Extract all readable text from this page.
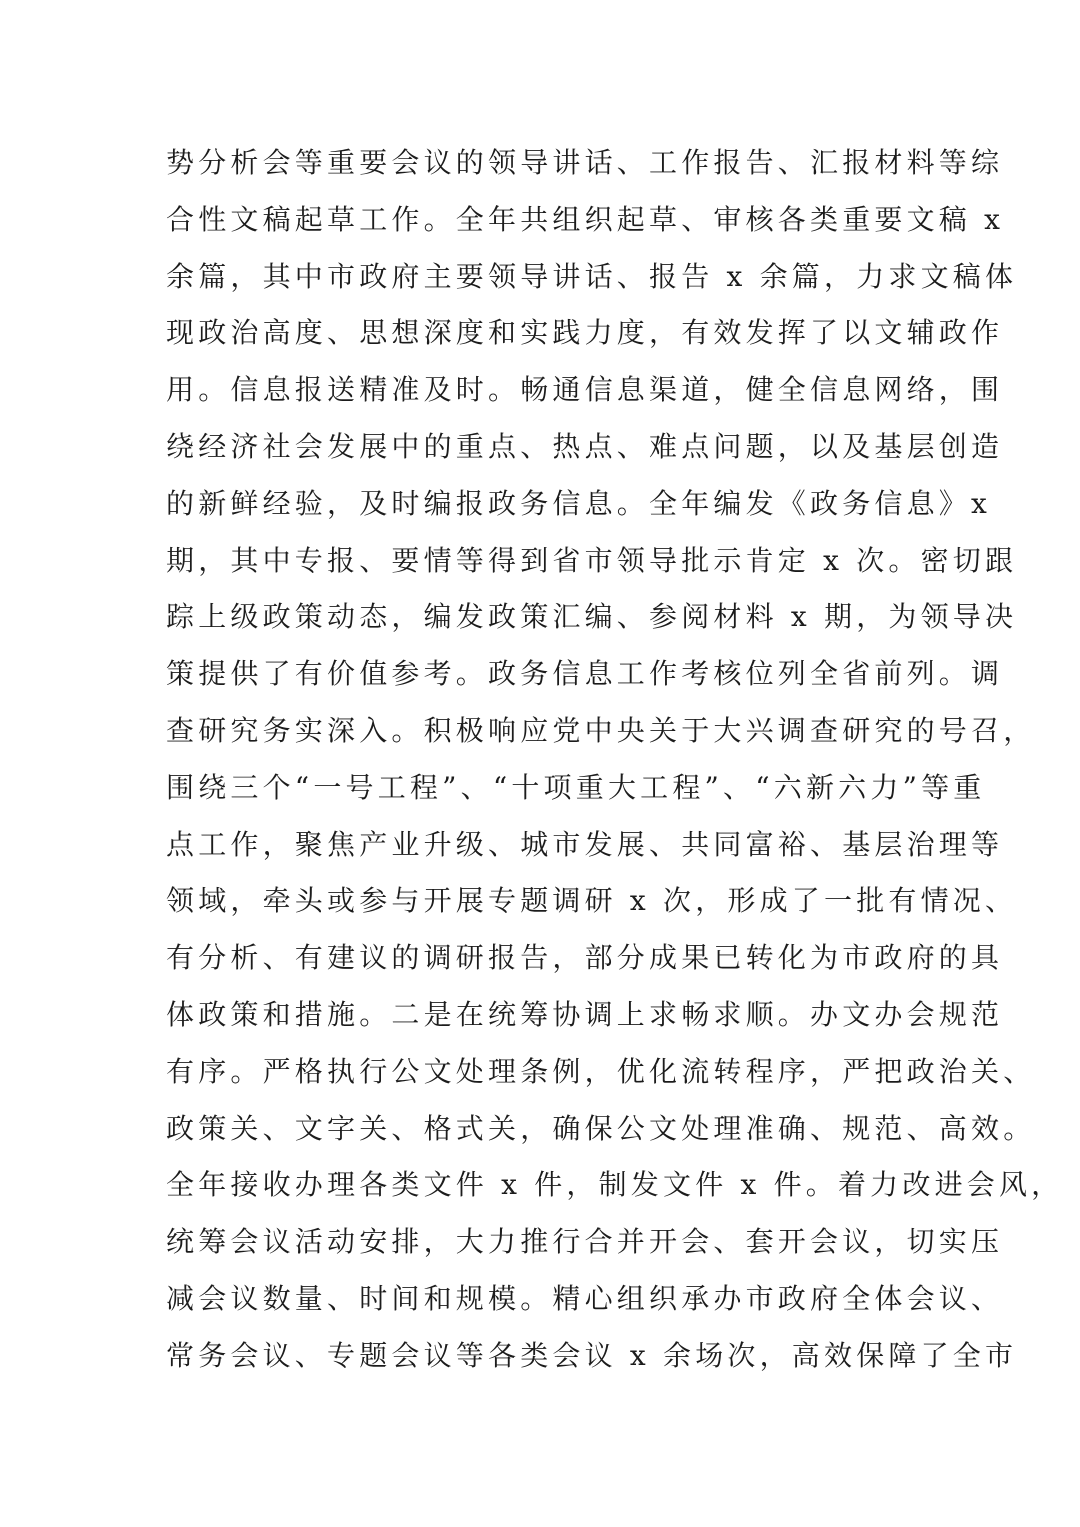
势分析会等重要会议的领导讲话、工作报告、汇报材料等综
合性文稿起草工作。全年共组织起草、审核各类重要文稿 x
余篇，其中市政府主要领导讲话、报告 x 余篇，力求文稿体
现政治高度、思想深度和实践力度，有效发挥了以文辅政作
用。信息报送精准及时。畅通信息渠道，健全信息网络，围
绕经济社会发展中的重点、热点、难点问题，以及基层创造
的新鲜经验，及时编报政务信息。全年编发《政务信息》x
期，其中专报、要情等得到省市领导批示肯定 x 次。密切跟
踪上级政策动态，编发政策汇编、参阅材料 x 期，为领导决
策提供了有价值参考。政务信息工作考核位列全省前列。调
查研究务实深入。积极响应党中央关于大兴调查研究的号召，
围绕三个“一号工程”、“十项重大工程”、“六新六力”等重
点工作，聚焦产业升级、城市发展、共同富裕、基层治理等
领域，牵头或参与开展专题调研 x 次，形成了一批有情况、
有分析、有建议的调研报告，部分成果已转化为市政府的具
体政策和措施。二是在统筹协调上求畅求顺。办文办会规范
有序。严格执行公文处理条例，优化流转程序，严把政治关、
政策关、文字关、格式关，确保公文处理准确、规范、高效。
全年接收办理各类文件 x 件，制发文件 x 件。着力改进会风，
统筹会议活动安排，大力推行合并开会、套开会议，切实压
减会议数量、时间和规模。精心组织承办市政府全体会议、
常务会议、专题会议等各类会议 x 余场次，高效保障了全市
